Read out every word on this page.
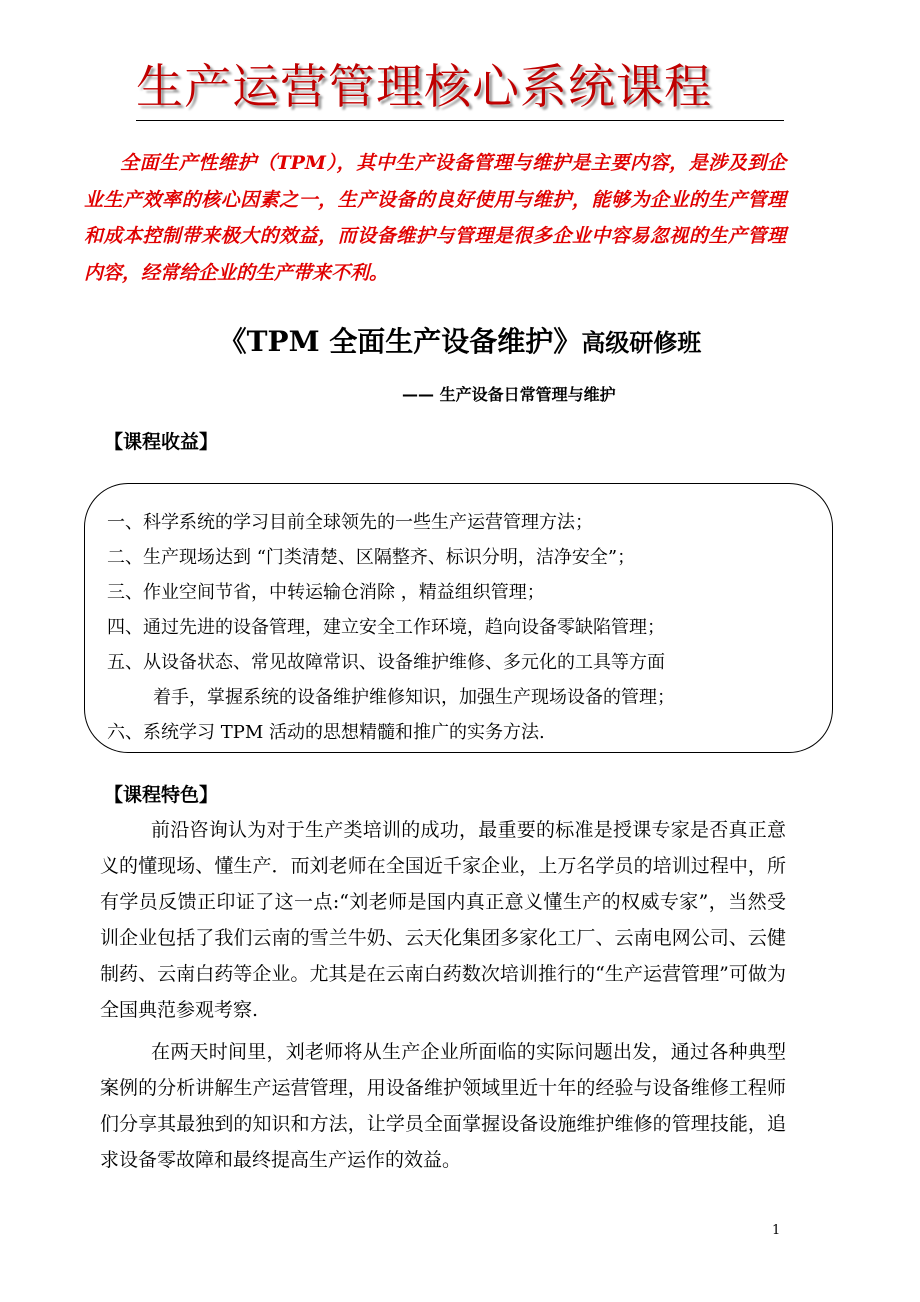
生产运营管理核心系统课程

全面生产性维护（TPM），其中生产设备管理与维护是主要内容，是涉及到企业生产效率的核心因素之一，生产设备的良好使用与维护，能够为企业的生产管理和成本控制带来极大的效益，而设备维护与管理是很多企业中容易忽视的生产管理内容，经常给企业的生产带来不利。

《TPM 全面生产设备维护》高级研修班
—— 生产设备日常管理与维护
【课程收益】
一、科学系统的学习目前全球领先的一些生产运营管理方法；
二、生产现场达到 “门类清楚、区隔整齐、标识分明，洁净安全”；
三、作业空间节省，中转运输仓消除 ，精益组织管理；
四、通过先进的设备管理，建立安全工作环境，趋向设备零缺陷管理；
五、从设备状态、常见故障常识、设备维护维修、多元化的工具等方面
着手，掌握系统的设备维护维修知识，加强生产现场设备的管理；
六、系统学习 TPM 活动的思想精髓和推广的实务方法.
【课程特色】

前沿咨询认为对于生产类培训的成功，最重要的标准是授课专家是否真正意义的懂现场、懂生产．而刘老师在全国近千家企业，上万名学员的培训过程中，所有学员反馈正印证了这一点:“刘老师是国内真正意义懂生产的权威专家”，当然受训企业包括了我们云南的雪兰牛奶、云天化集团多家化工厂、云南电网公司、云健制药、云南白药等企业。尤其是在云南白药数次培训推行的“生产运营管理”可做为全国典范参观考察.

在两天时间里，刘老师将从生产企业所面临的实际问题出发，通过各种典型案例的分析讲解生产运营管理，用设备维护领域里近十年的经验与设备维修工程师们分享其最独到的知识和方法，让学员全面掌握设备设施维护维修的管理技能，追求设备零故障和最终提高生产运作的效益。

1
